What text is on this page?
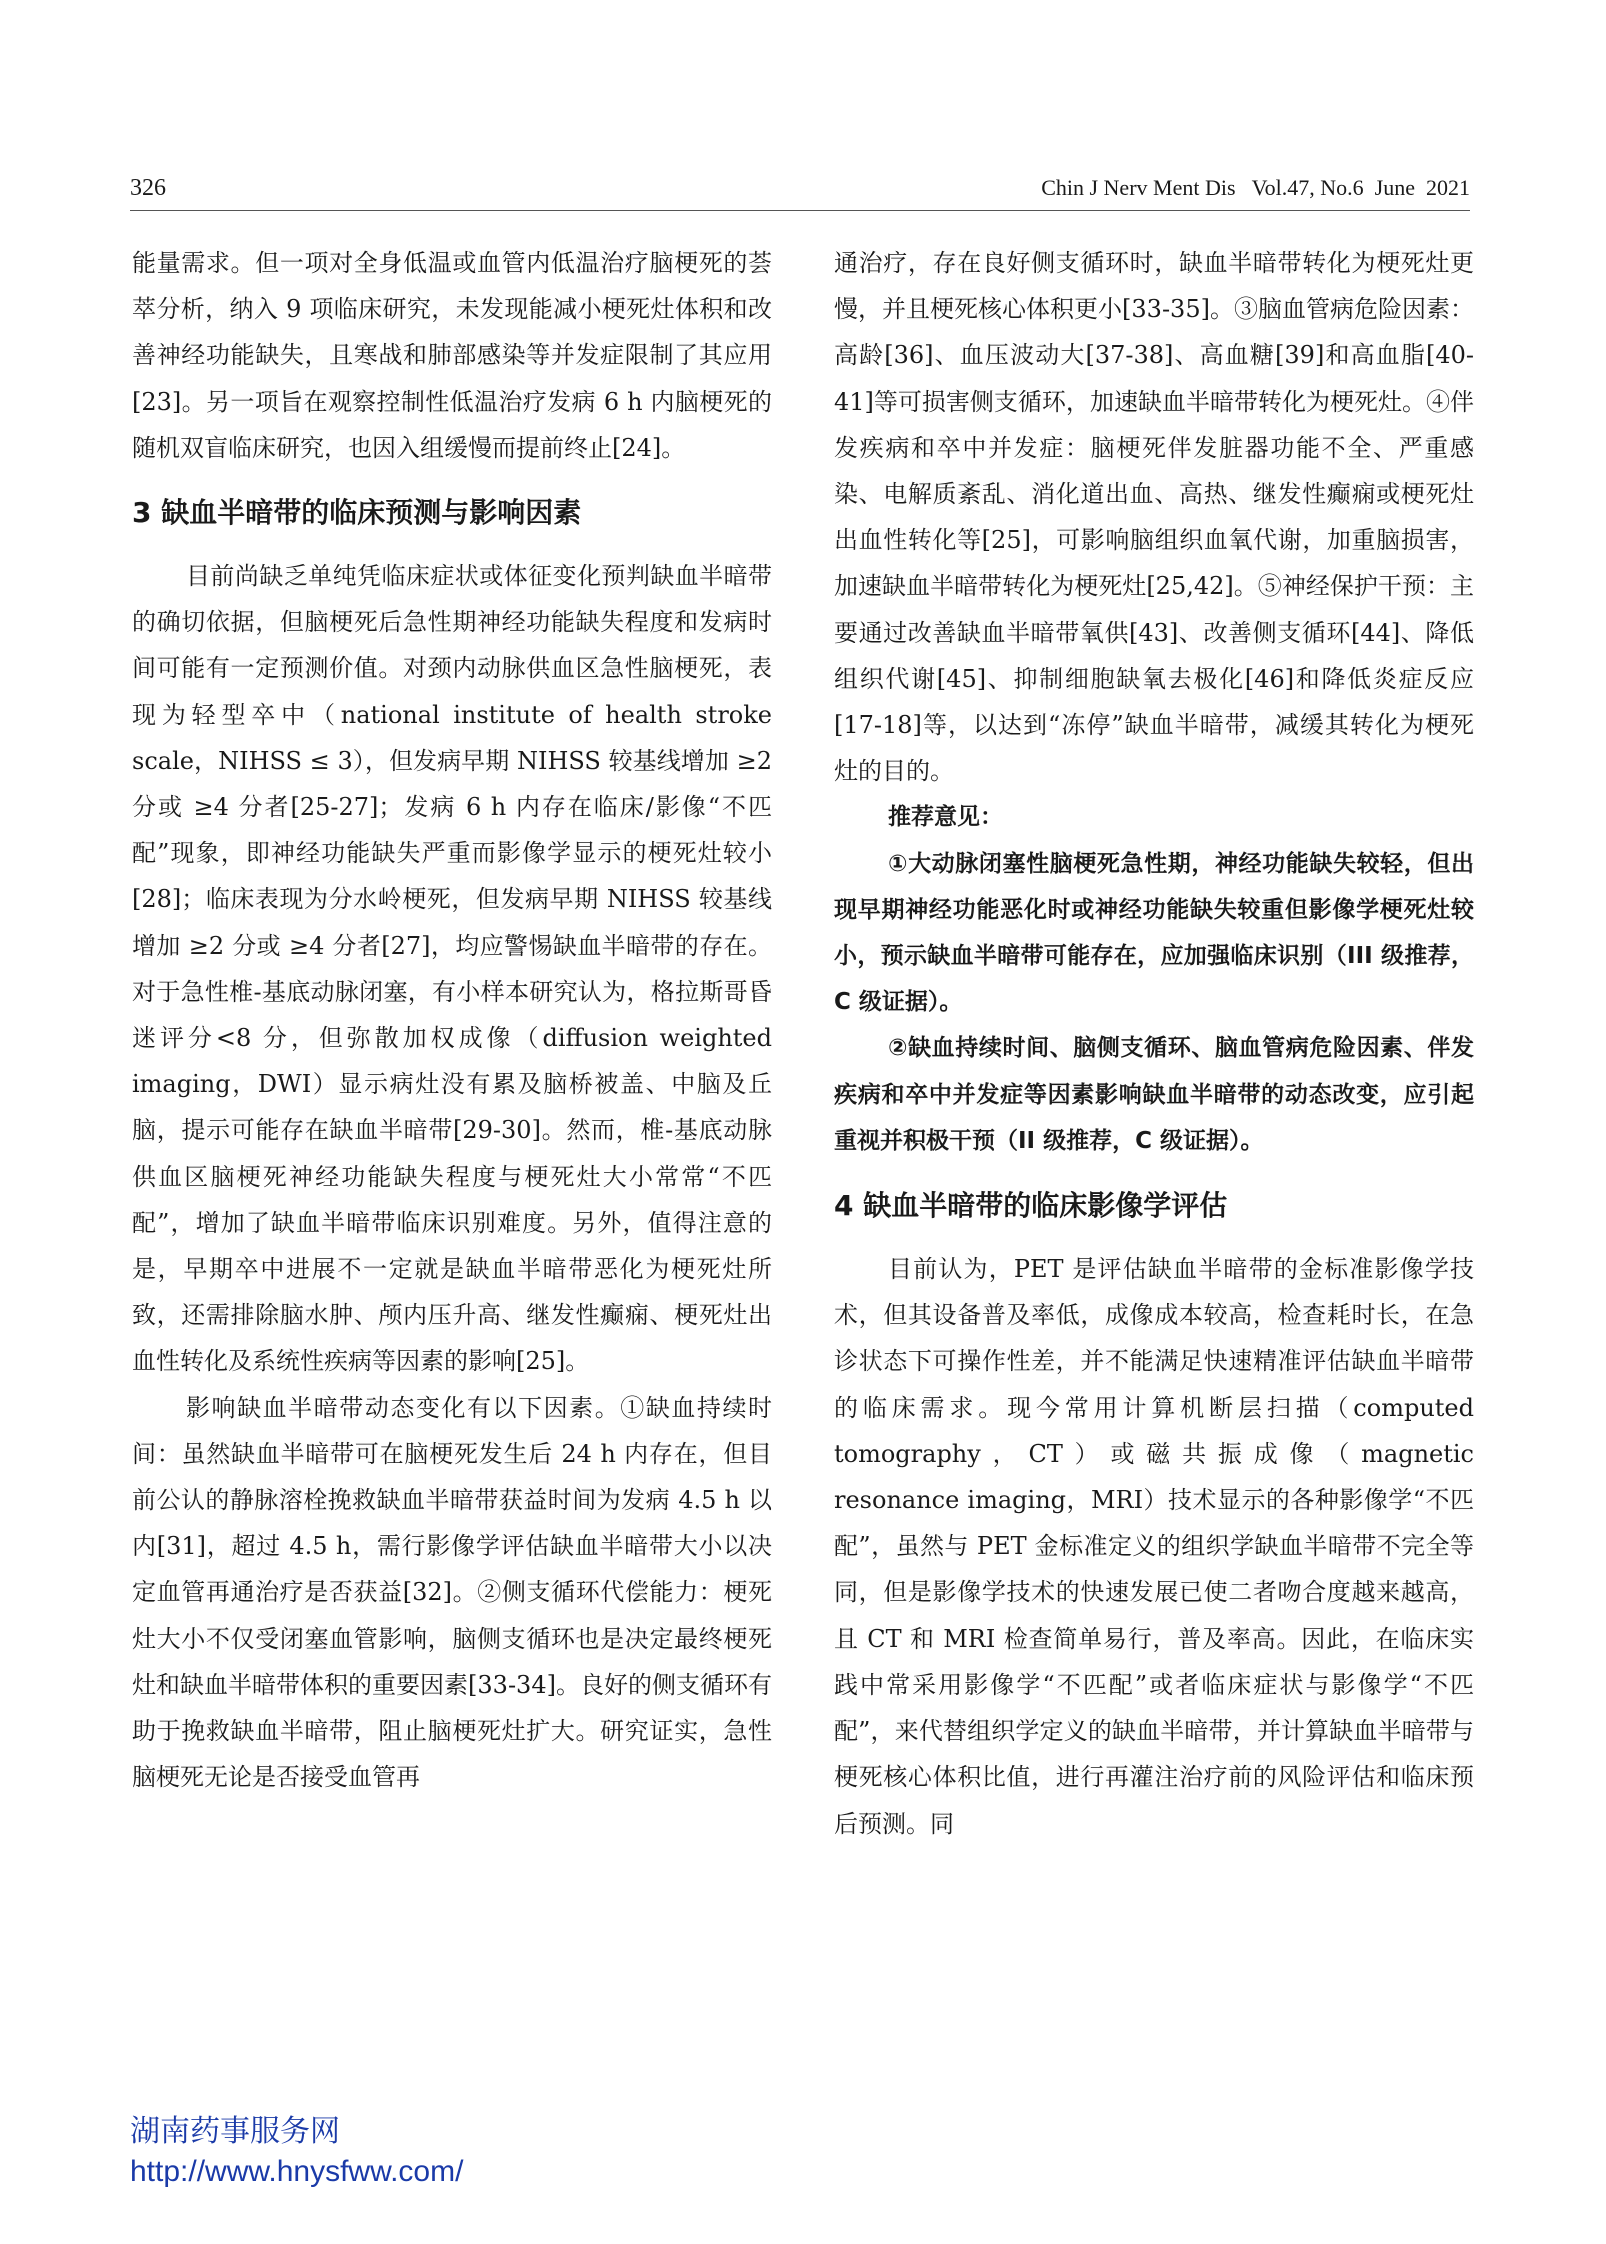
326	Chin J Nerv Ment Dis   Vol.47, No.6  June  2021

能量需求。但一项对全身低温或血管内低温治疗脑梗死的荟萃分析，纳入 9 项临床研究，未发现能减小梗死灶体积和改善神经功能缺失，且寒战和肺部感染等并发症限制了其应用[23]。另一项旨在观察控制性低温治疗发病 6 h 内脑梗死的随机双盲临床研究，也因入组缓慢而提前终止[24]。

3 缺血半暗带的临床预测与影响因素

目前尚缺乏单纯凭临床症状或体征变化预判缺血半暗带的确切依据，但脑梗死后急性期神经功能缺失程度和发病时间可能有一定预测价值。对颈内动脉供血区急性脑梗死，表现为轻型卒中（national institute of health stroke scale，NIHSS ≤ 3），但发病早期 NIHSS 较基线增加 ≥2 分或 ≥4 分者[25-27]；发病 6 h 内存在临床/影像“不匹配”现象，即神经功能缺失严重而影像学显示的梗死灶较小[28]；临床表现为分水岭梗死，但发病早期 NIHSS 较基线增加 ≥2 分或 ≥4 分者[27]，均应警惕缺血半暗带的存在。对于急性椎-基底动脉闭塞，有小样本研究认为，格拉斯哥昏迷评分<8 分，但弥散加权成像（diffusion weighted imaging，DWI）显示病灶没有累及脑桥被盖、中脑及丘脑，提示可能存在缺血半暗带[29-30]。然而，椎-基底动脉供血区脑梗死神经功能缺失程度与梗死灶大小常常“不匹配”，增加了缺血半暗带临床识别难度。另外，值得注意的是，早期卒中进展不一定就是缺血半暗带恶化为梗死灶所致，还需排除脑水肿、颅内压升高、继发性癫痫、梗死灶出血性转化及系统性疾病等因素的影响[25]。

影响缺血半暗带动态变化有以下因素。①缺血持续时间：虽然缺血半暗带可在脑梗死发生后 24 h 内存在，但目前公认的静脉溶栓挽救缺血半暗带获益时间为发病 4.5 h 以内[31]，超过 4.5 h，需行影像学评估缺血半暗带大小以决定血管再通治疗是否获益[32]。②侧支循环代偿能力：梗死灶大小不仅受闭塞血管影响，脑侧支循环也是决定最终梗死灶和缺血半暗带体积的重要因素[33-34]。良好的侧支循环有助于挽救缺血半暗带，阻止脑梗死灶扩大。研究证实，急性脑梗死无论是否接受血管再

通治疗，存在良好侧支循环时，缺血半暗带转化为梗死灶更慢，并且梗死核心体积更小[33-35]。③脑血管病危险因素：高龄[36]、血压波动大[37-38]、高血糖[39]和高血脂[40-41]等可损害侧支循环，加速缺血半暗带转化为梗死灶。④伴发疾病和卒中并发症：脑梗死伴发脏器功能不全、严重感染、电解质紊乱、消化道出血、高热、继发性癫痫或梗死灶出血性转化等[25]，可影响脑组织血氧代谢，加重脑损害，加速缺血半暗带转化为梗死灶[25,42]。⑤神经保护干预：主要通过改善缺血半暗带氧供[43]、改善侧支循环[44]、降低组织代谢[45]、抑制细胞缺氧去极化[46]和降低炎症反应[17-18]等，以达到“冻停”缺血半暗带，减缓其转化为梗死灶的目的。

推荐意见：

①大动脉闭塞性脑梗死急性期，神经功能缺失较轻，但出现早期神经功能恶化时或神经功能缺失较重但影像学梗死灶较小，预示缺血半暗带可能存在，应加强临床识别（III 级推荐，C 级证据）。

②缺血持续时间、脑侧支循环、脑血管病危险因素、伴发疾病和卒中并发症等因素影响缺血半暗带的动态改变，应引起重视并积极干预（II 级推荐，C 级证据）。

4 缺血半暗带的临床影像学评估

目前认为，PET 是评估缺血半暗带的金标准影像学技术，但其设备普及率低，成像成本较高，检查耗时长，在急诊状态下可操作性差，并不能满足快速精准评估缺血半暗带的临床需求。现今常用计算机断层扫描（computed tomography，CT）或磁共振成像（magnetic resonance imaging，MRI）技术显示的各种影像学“不匹配”，虽然与 PET 金标准定义的组织学缺血半暗带不完全等同，但是影像学技术的快速发展已使二者吻合度越来越高，且 CT 和 MRI 检查简单易行，普及率高。因此，在临床实践中常采用影像学“不匹配”或者临床症状与影像学“不匹配”，来代替组织学定义的缺血半暗带，并计算缺血半暗带与梗死核心体积比值，进行再灌注治疗前的风险评估和临床预后预测。同

湖南药事服务网
http://www.hnysfww.com/
